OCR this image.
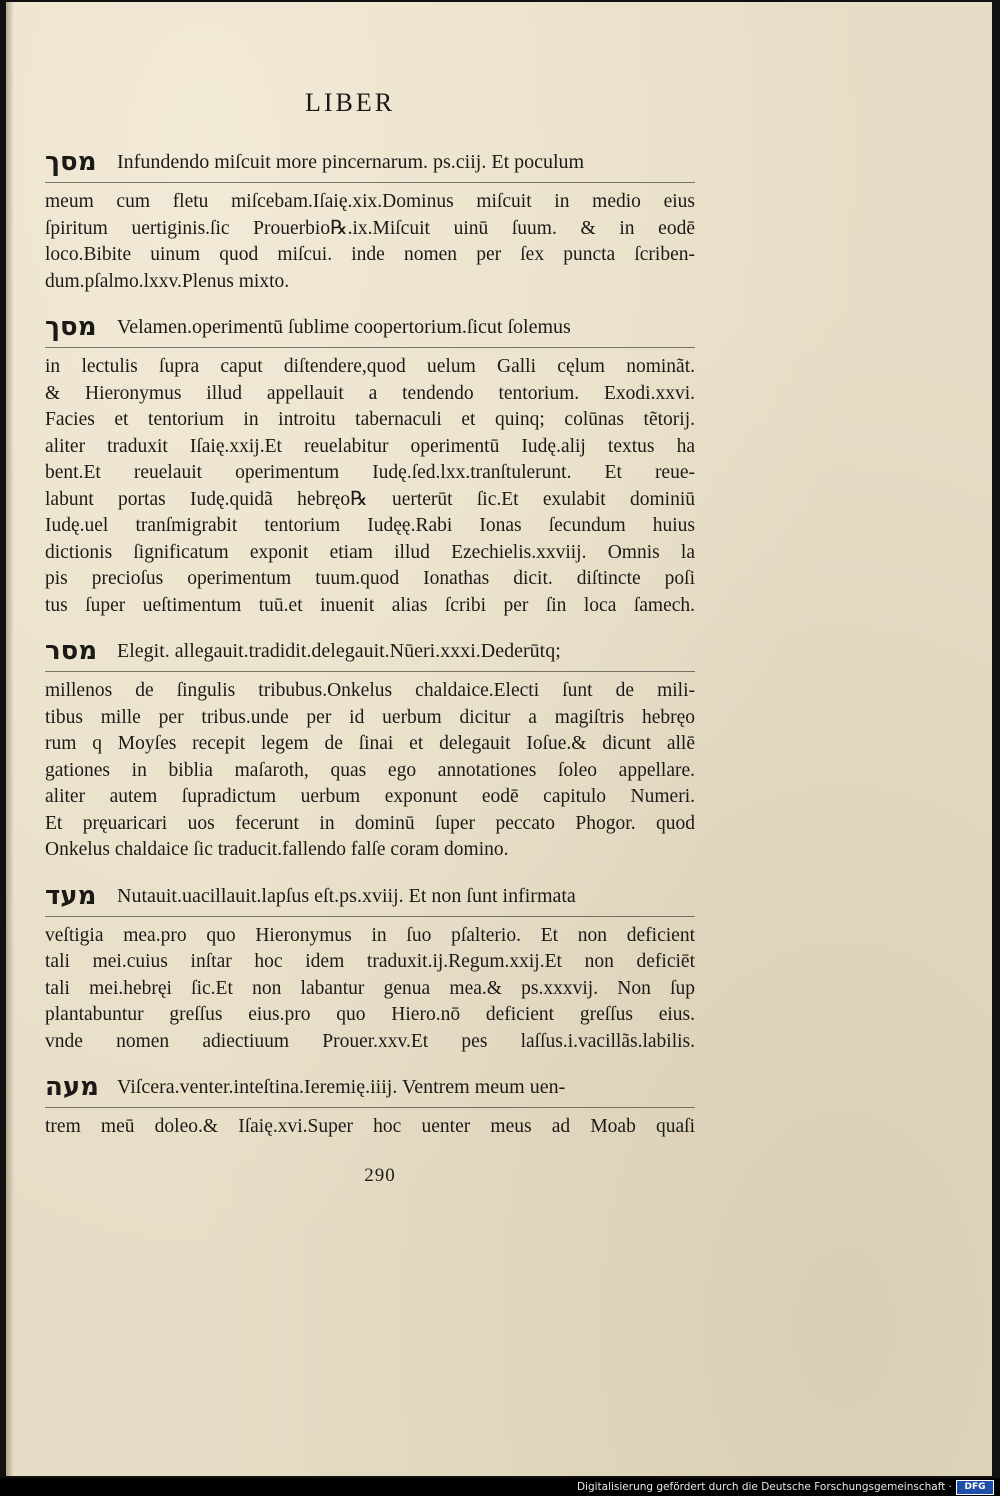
LIBER
מסך	Infundendo miſcuit more pincernarum. ps.ciij. Et poculum
meum cum fletu miſcebam.Iſaię.xix.Dominus miſcuit in medio eius
ſpiritum uertiginis.ſic Prouerbio℞.ix.Miſcuit uinū ſuum. & in eodē
loco.Bibite uinum quod miſcui. inde nomen per ſex puncta ſcriben-
dum.pſalmo.lxxv.Plenus mixto.
מסך	Velamen.operimentū ſublime coopertorium.ſicut ſolemus
in lectulis ſupra caput diſtendere,quod uelum Galli cęlum nominãt.
& Hieronymus illud appellauit a tendendo tentorium. Exodi.xxvi.
Facies et tentorium in introitu tabernaculi et quinq; colūnas tẽtorij.
aliter traduxit Iſaię.xxij.Et reuelabitur operimentū Iudę.alij textus ha
bent.Et reuelauit operimentum Iudę.ſed.lxx.tranſtulerunt. Et reue-
labunt portas Iudę.quidã hebręo℞ uerterūt ſic.Et exulabit dominiū
Iudę.uel tranſmigrabit tentorium Iudęę.Rabi Ionas ſecundum huius
dictionis ſignificatum exponit etiam illud Ezechielis.xxviij. Omnis la
pis precioſus operimentum tuum.quod Ionathas dicit. diſtincte poſi
tus ſuper ueſtimentum tuū.et inuenit alias ſcribi per ſin loca ſamech.
מסר Elegit. allegauit.tradidit.delegauit.Nūeri.xxxi.Dederūtq;
millenos de ſingulis tribubus.Onkelus chaldaice.Electi ſunt de mili-
tibus mille per tribus.unde per id uerbum dicitur a magiſtris hebręo
rum q Moyſes recepit legem de ſinai et delegauit Ioſue.& dicunt allē
gationes in biblia maſaroth, quas ego annotationes ſoleo appellare.
aliter autem ſupradictum uerbum exponunt eodē capitulo Numeri.
Et pręuaricari uos fecerunt in dominū ſuper peccato Phogor. quod
Onkelus chaldaice ſic traducit.fallendo falſe coram domino.
מעד	Nutauit.uacillauit.lapſus eſt.ps.xviij. Et non ſunt infirmata
veſtigia mea.pro quo Hieronymus in ſuo pſalterio. Et non deficient
tali mei.cuius inſtar hoc idem traduxit.ij.Regum.xxij.Et non deficiēt
tali mei.hebręi ſic.Et non labantur genua mea.& ps.xxxvij. Non ſup
plantabuntur greſſus eius.pro quo Hiero.nō deficient greſſus eius.
vnde nomen adiectiuum Prouer.xxv.Et pes laſſus.i.vacillãs.labilis.
מעה Viſcera.venter.inteſtina.Ieremię.iiij. Ventrem meum uen-
trem meū doleo.& Iſaię.xvi.Super hoc uenter meus ad Moab quaſi
290
Digitalisierung gefördert durch die Deutsche Forschungsgemeinschaft ·	DFG
